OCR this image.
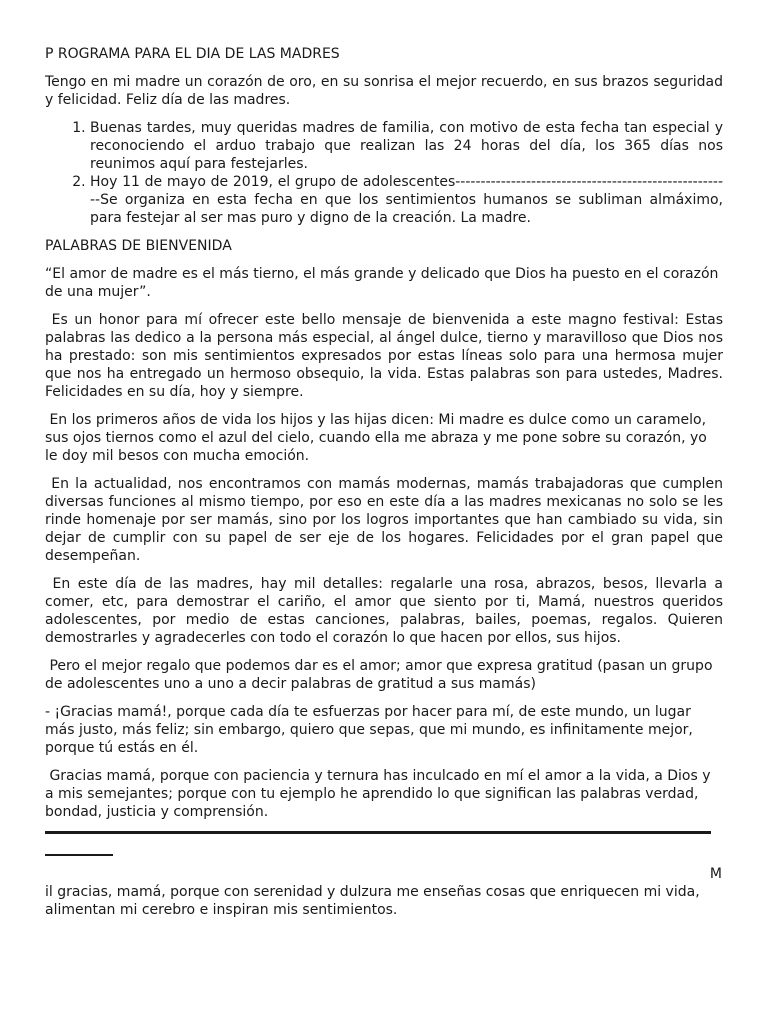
P ROGRAMA PARA EL DIA DE LAS MADRES

Tengo en mi madre un corazón de oro, en su sonrisa el mejor recuerdo, en sus brazos seguridad y felicidad. Feliz día de las madres.

1. Buenas tardes, muy queridas madres de familia, con motivo de esta fecha tan especial y reconociendo el arduo trabajo que realizan las 24 horas del día, los 365 días nos reunimos aquí para festejarles.
2. Hoy 11 de mayo de 2019, el grupo de adolescentes-------------------------------------------------------Se organiza en esta fecha en que los sentimientos humanos se subliman almáximo, para festejar al ser mas puro y digno de la creación. La madre.
PALABRAS DE BIENVENIDA

“El amor de madre es el más tierno, el más grande y delicado que Dios ha puesto en el corazón de una mujer”.

Es un honor para mí ofrecer este bello mensaje de bienvenida a este magno festival: Estas palabras las dedico a la persona más especial, al ángel dulce, tierno y maravilloso que Dios nos ha prestado: son mis sentimientos expresados por estas líneas solo para una hermosa mujer que nos ha entregado un hermoso obsequio, la vida. Estas palabras son para ustedes, Madres. Felicidades en su día, hoy y siempre.

En los primeros años de vida los hijos y las hijas dicen: Mi madre es dulce como un caramelo, sus ojos tiernos como el azul del cielo, cuando ella me abraza y me pone sobre su corazón, yo le doy mil besos con mucha emoción.

En la actualidad, nos encontramos con mamás modernas, mamás trabajadoras que cumplen diversas funciones al mismo tiempo, por eso en este día a las madres mexicanas no solo se les rinde homenaje por ser mamás, sino por los logros importantes que han cambiado su vida, sin dejar de cumplir con su papel de ser eje de los hogares. Felicidades por el gran papel que desempeñan.

En este día de las madres, hay mil detalles: regalarle una rosa, abrazos, besos, llevarla a comer, etc, para demostrar el cariño, el amor que siento por ti, Mamá, nuestros queridos adolescentes, por medio de estas canciones, palabras, bailes, poemas, regalos. Quieren demostrarles y agradecerles con todo el corazón lo que hacen por ellos, sus hijos.

Pero el mejor regalo que podemos dar es el amor; amor que expresa gratitud (pasan un grupo de adolescentes uno a uno a decir palabras de gratitud a sus mamás)

- ¡Gracias mamá!, porque cada día te esfuerzas por hacer para mí, de este mundo, un lugar más justo, más feliz; sin embargo, quiero que sepas, que mi mundo, es infinitamente mejor, porque tú estás en él.

Gracias mamá, porque con paciencia y ternura has inculcado en mí el amor a la vida, a Dios y a mis semejantes; porque con tu ejemplo he aprendido lo que significan las palabras verdad, bondad, justicia y comprensión.

M

il gracias, mamá, porque con serenidad y dulzura me enseñas cosas que enriquecen mi vida, alimentan mi cerebro e inspiran mis sentimientos.
